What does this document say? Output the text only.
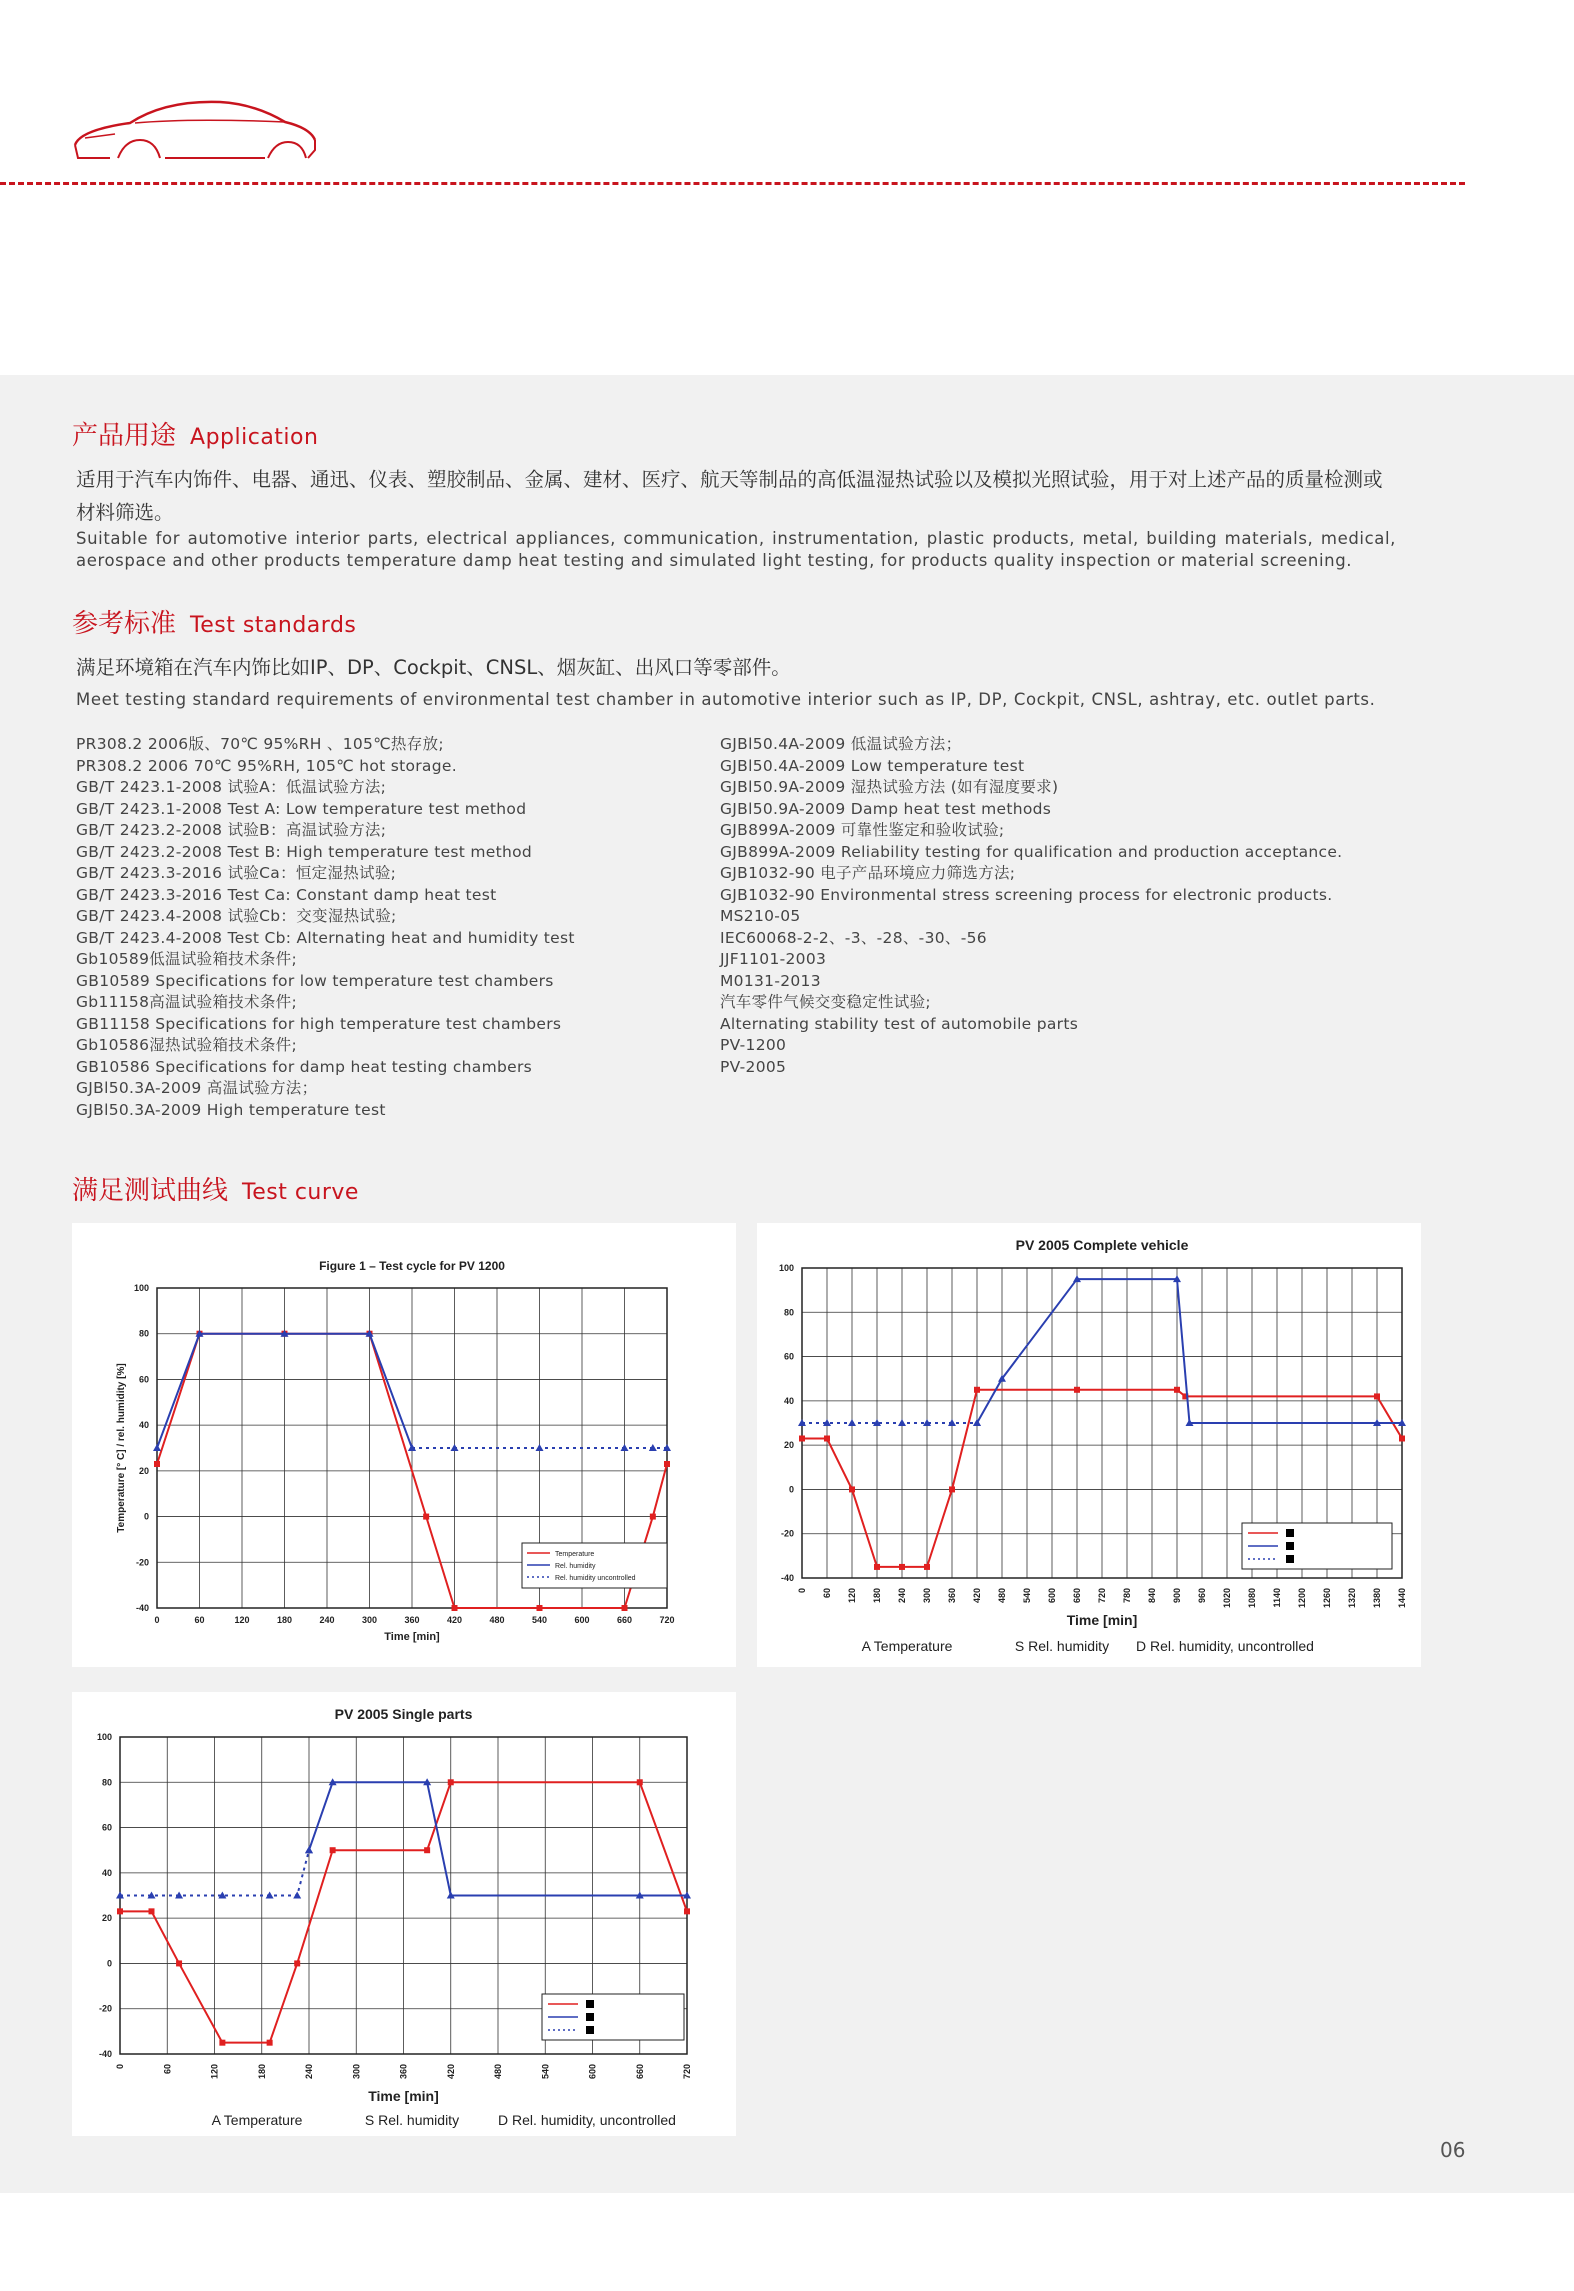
产品用途 Application
适用于汽车内饰件、电器、通迅、仪表、塑胶制品、金属、建材、医疗、航天等制品的高低温湿热试验以及模拟光照试验，用于对上述产品的质量检测或材料筛选。
Suitable for automotive interior parts, electrical appliances, communication, instrumentation, plastic products, metal, building materials, medical, aerospace and other products temperature damp heat testing and simulated light testing, for products quality inspection or material screening.
参考标准 Test standards
满足环境箱在汽车内饰比如IP、DP、Cockpit、CNSL、烟灰缸、出风口等零部件。
Meet testing standard requirements of environmental test chamber in automotive interior such as IP, DP, Cockpit, CNSL, ashtray, etc. outlet parts.
PR308.2 2006版、70℃ 95%RH 、105℃热存放;
PR308.2 2006 70℃ 95%RH, 105℃ hot storage.
GB/T 2423.1-2008 试验A：低温试验方法;
GB/T 2423.1-2008 Test A: Low temperature test method
GB/T 2423.2-2008 试验B：高温试验方法;
GB/T 2423.2-2008 Test B: High temperature test method
GB/T 2423.3-2016 试验Ca：恒定湿热试验;
GB/T 2423.3-2016 Test Ca: Constant damp heat test
GB/T 2423.4-2008 试验Cb：交变湿热试验;
GB/T 2423.4-2008 Test Cb: Alternating heat and humidity test
Gb10589低温试验箱技术条件;
GB10589 Specifications for low temperature test chambers
Gb11158高温试验箱技术条件;
GB11158 Specifications for high temperature test chambers
Gb10586湿热试验箱技术条件;
GB10586 Specifications for damp heat testing chambers
GJBl50.3A-2009 高温试验方法；
GJBl50.3A-2009 High temperature test
GJBl50.4A-2009 低温试验方法；
GJBl50.4A-2009 Low temperature test
GJBl50.9A-2009 湿热试验方法 (如有湿度要求)
GJBl50.9A-2009 Damp heat test methods
GJB899A-2009 可靠性鉴定和验收试验;
GJB899A-2009 Reliability testing for qualification and production acceptance.
GJB1032-90 电子产品环境应力筛选方法;
GJB1032-90 Environmental stress screening process for electronic products.
MS210-05
IEC60068-2-2、-3、-28、-30、-56
JJF1101-2003
M0131-2013
汽车零件气候交变稳定性试验;
Alternating stability test of automobile parts
PV-1200
PV-2005
满足测试曲线 Test curve
Figure 1 – Test cycle for PV 1200
-40
-20
0
20
40
60
80
100
0	60	120	180	240	300	360	420	480	540	600	660	720
Time [min]
Temperature [° C] / rel. humidity [%]
Temperature
Rel. humidity
Rel. humidity uncontrolled
PV 2005 Complete vehicle
-40
-20
0
20
40
60
80
100
0 60 120 180 240 300 360 420 480 540 600 660 720 780 840 900 960 1020 1080 1140 1200 1260 1320 1380 1440
Time [min]
A Temperature	S Rel. humidity D Rel. humidity, uncontrolled
PV 2005 Single parts
-40
-20
0
20
40
60
80
100
0	60	120	180	240	300	360	420	480	540	600	660	720
Time [min]
A Temperature	S Rel. humidity	D Rel. humidity, uncontrolled
06
